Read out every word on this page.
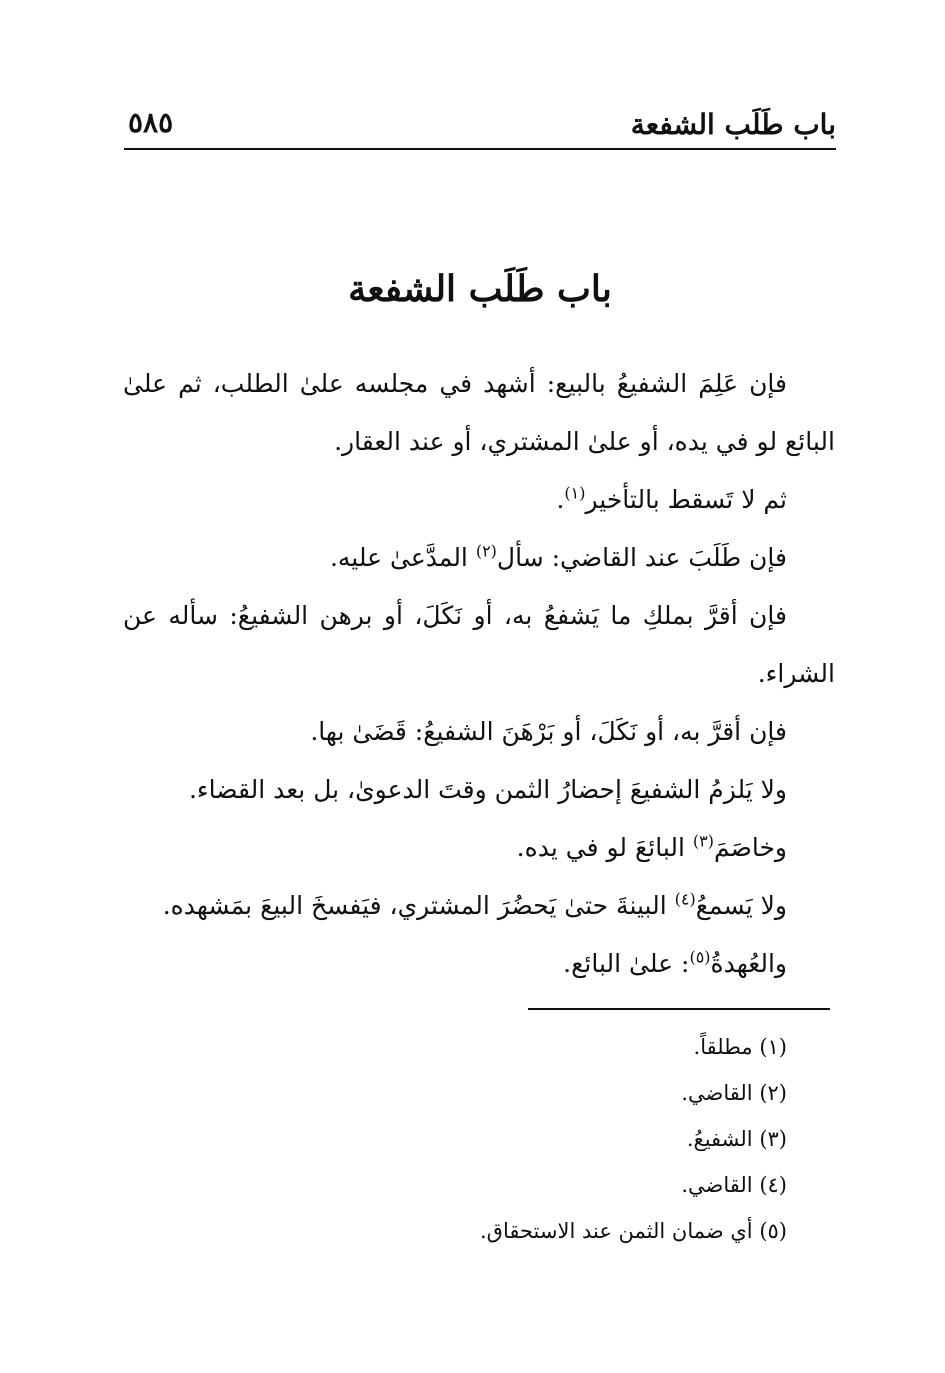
باب طَلَب الشفعة
٥٨٥
باب طَلَب الشفعة

فإن عَلِمَ الشفيعُ بالبيع: أشهد في مجلسه علىٰ الطلب، ثم علىٰ البائع لو في يده، أو علىٰ المشتري، أو عند العقار.

ثم لا تَسقط بالتأخير$^{(١)}$.

فإن طَلَبَ عند القاضي: سأل$^{(٢)}$ المدَّعىٰ عليه.

فإن أقرَّ بملكِ ما يَشفعُ به، أو نَكَلَ، أو برهن الشفيعُ: سأله عن الشراء.

فإن أقرَّ به، أو نَكَلَ، أو بَرْهَنَ الشفيعُ: قَضَىٰ بها.

ولا يَلزمُ الشفيعَ إحضارُ الثمن وقتَ الدعوىٰ، بل بعد القضاء.

وخاصَمَ$^{(٣)}$ البائعَ لو في يده.

ولا يَسمعُ$^{(٤)}$ البينةَ حتىٰ يَحضُرَ المشتري، فيَفسخَ البيعَ بمَشهده.

والعُهدةُ$^{(٥)}$: علىٰ البائع.

(١) مطلقاً.
(٢) القاضي.
(٣) الشفيعُ.
(٤) القاضي.
(٥) أي ضمان الثمن عند الاستحقاق.
